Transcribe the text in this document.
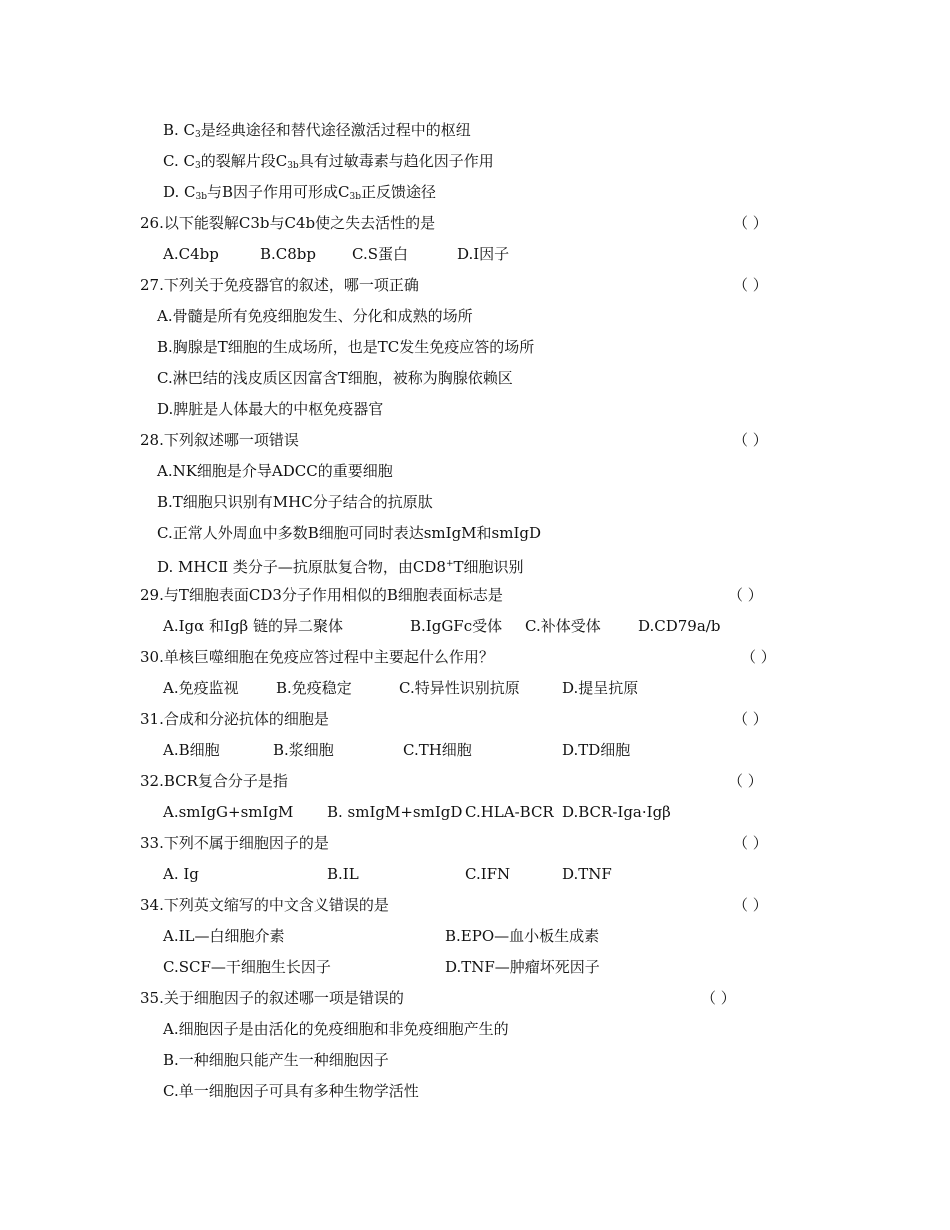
B. $C_3$是经典途径和替代途径激活过程中的枢纽
C. $C_3$的裂解片段$C_{3b}$具有过敏毒素与趋化因子作用
D. $C_{3b}$与B因子作用可形成$C_{3b}$正反馈途径
26.以下能裂解C3b与C4b使之失去活性的是	（ ）
A.C4bp	B.C8bp C.S蛋白	D.I因子
27.下列关于免疫器官的叙述，哪一项正确	（ ）
A.骨髓是所有免疫细胞发生、分化和成熟的场所
B.胸腺是T细胞的生成场所，也是TC发生免疫应答的场所
C.淋巴结的浅皮质区因富含T细胞，被称为胸腺依赖区
D.脾脏是人体最大的中枢免疫器官
28.下列叙述哪一项错误	（ ）
A.NK细胞是介导ADCC的重要细胞
B.T细胞只识别有MHC分子结合的抗原肽
C.正常人外周血中多数B细胞可同时表达smIgM和smIgD
D. MHCⅡ 类分子—抗原肽复合物，由CD8+T细胞识别
29.与T细胞表面CD3分子作用相似的B细胞表面标志是	（ ）
A.Igα 和Igβ 链的异二聚体	B.IgGFc受体 C.补体受体 D.CD79a/b
30.单核巨噬细胞在免疫应答过程中主要起什么作用？	（ ）
A.免疫监视 B.免疫稳定	C.特异性识别抗原	D.提呈抗原
31.合成和分泌抗体的细胞是	（ ）
A.B细胞	B.浆细胞	C.TH细胞	D.TD细胞
32.BCR复合分子是指	（ ）
A.smIgG+smIgM B. smIgM+smIgD C.HLA-BCR D.BCR-Iga·Igβ
33.下列不属于细胞因子的是	（ ）
A. Ig	B.IL	C.IFN	D.TNF
34.下列英文缩写的中文含义错误的是	（ ）
A.IL—白细胞介素	B.EPO—血小板生成素
C.SCF—干细胞生长因子	D.TNF—肿瘤坏死因子
35.关于细胞因子的叙述哪一项是错误的	（ ）
A.细胞因子是由活化的免疫细胞和非免疫细胞产生的
B.一种细胞只能产生一种细胞因子
C.单一细胞因子可具有多种生物学活性
